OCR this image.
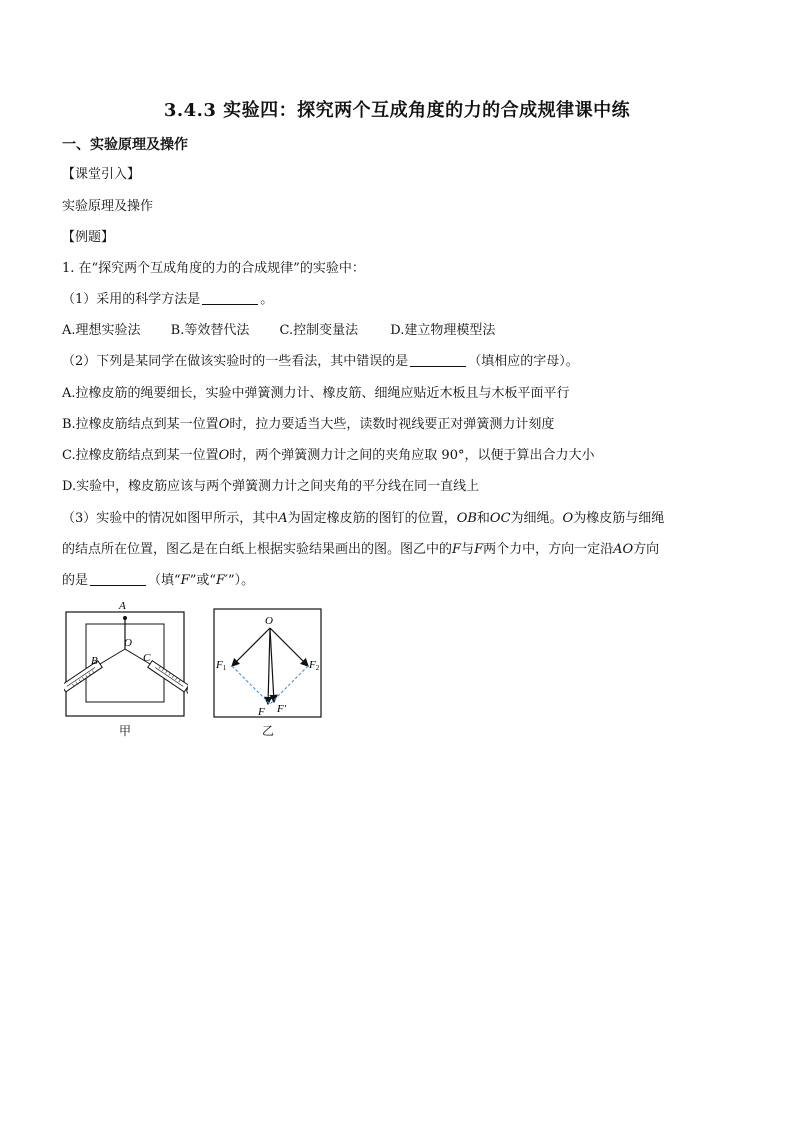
3.4.3 实验四：探究两个互成角度的力的合成规律课中练
一、实验原理及操作
【课堂引入】
实验原理及操作
【例题】
1. 在“探究两个互成角度的力的合成规律”的实验中：
（1）采用的科学方法是	。
A.理想实验法 B.等效替代法 C.控制变量法 D.建立物理模型法
（2）下列是某同学在做该实验时的一些看法，其中错误的是	（填相应的字母）。
A.拉橡皮筋的绳要细长，实验中弹簧测力计、橡皮筋、细绳应贴近木板且与木板平面平行
B.拉橡皮筋结点到某一位置O时，拉力要适当大些，读数时视线要正对弹簧测力计刻度
C.拉橡皮筋结点到某一位置O时，两个弹簧测力计之间的夹角应取 90°，以便于算出合力大小
D.实验中，橡皮筋应该与两个弹簧测力计之间夹角的平分线在同一直线上
（3）实验中的情况如图甲所示，其中A为固定橡皮筋的图钉的位置，OB和OC为细绳。O为橡皮筋与细绳
的结点所在位置，图乙是在白纸上根据实验结果画出的图。图乙中的F与F两个力中，方向一定沿AO方向
的是	（填“F”或“F′”）。
A
O
B	C
甲
O
F1	F2
F F′
乙
